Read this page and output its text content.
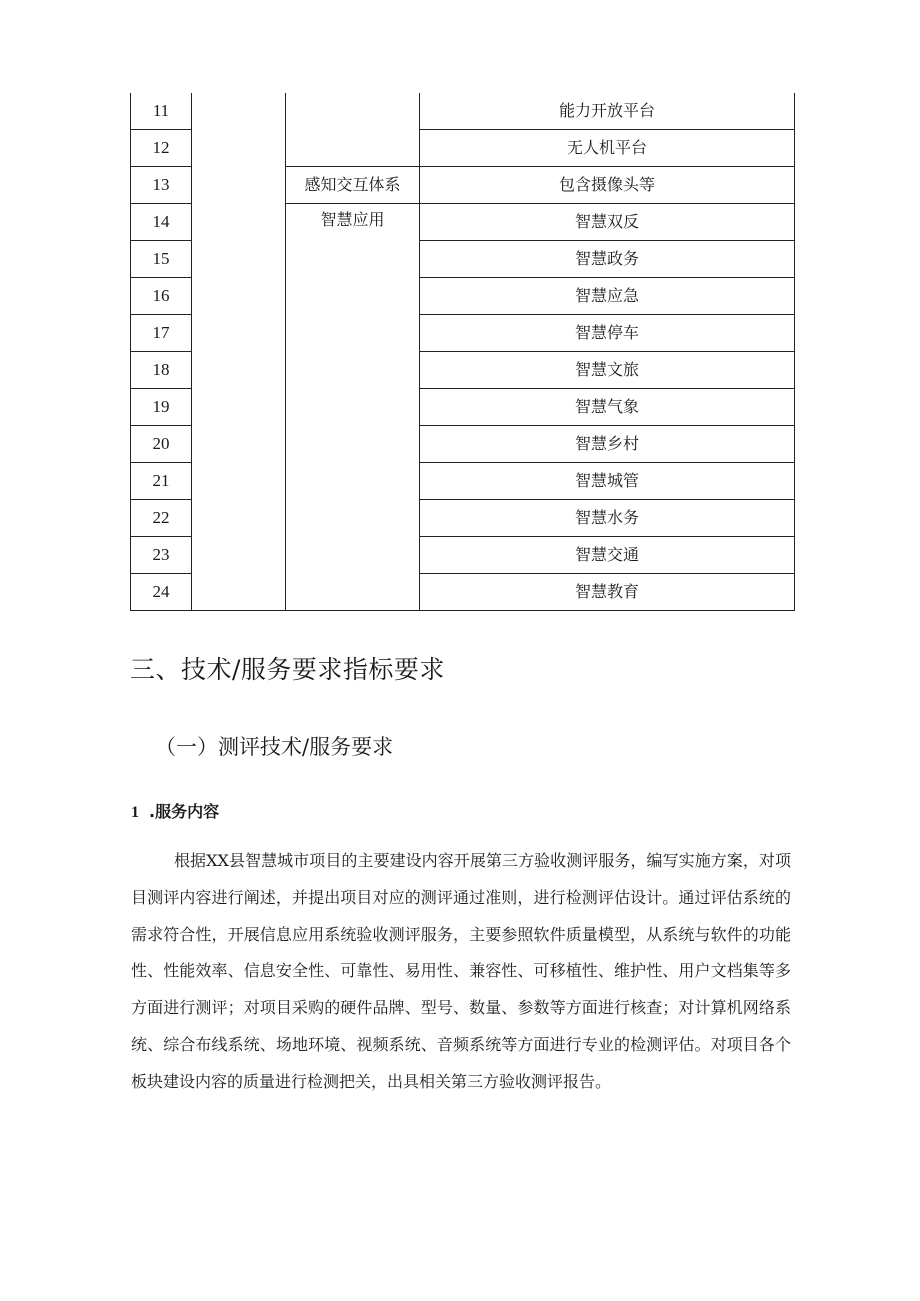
11			能力开放平台
12			无人机平台
13		感知交互体系	包含摄像头等
14		智慧应用	智慧双反
15			智慧政务
16			智慧应急
17			智慧停车
18			智慧文旅
19			智慧气象
20			智慧乡村
21			智慧城管
22			智慧水务
23			智慧交通
24			智慧教育
三、技术/服务要求指标要求
（一）测评技术/服务要求
1 .服务内容

根据XX县智慧城市项目的主要建设内容开展第三方验收测评服务，编写实施方案，对项目测评内容进行阐述，并提出项目对应的测评通过准则，进行检测评估设计。通过评估系统的需求符合性，开展信息应用系统验收测评服务，主要参照软件质量模型，从系统与软件的功能性、性能效率、信息安全性、可靠性、易用性、兼容性、可移植性、维护性、用户文档集等多方面进行测评；对项目采购的硬件品牌、型号、数量、参数等方面进行核查；对计算机网络系统、综合布线系统、场地环境、视频系统、音频系统等方面进行专业的检测评估。对项目各个板块建设内容的质量进行检测把关，出具相关第三方验收测评报告。
